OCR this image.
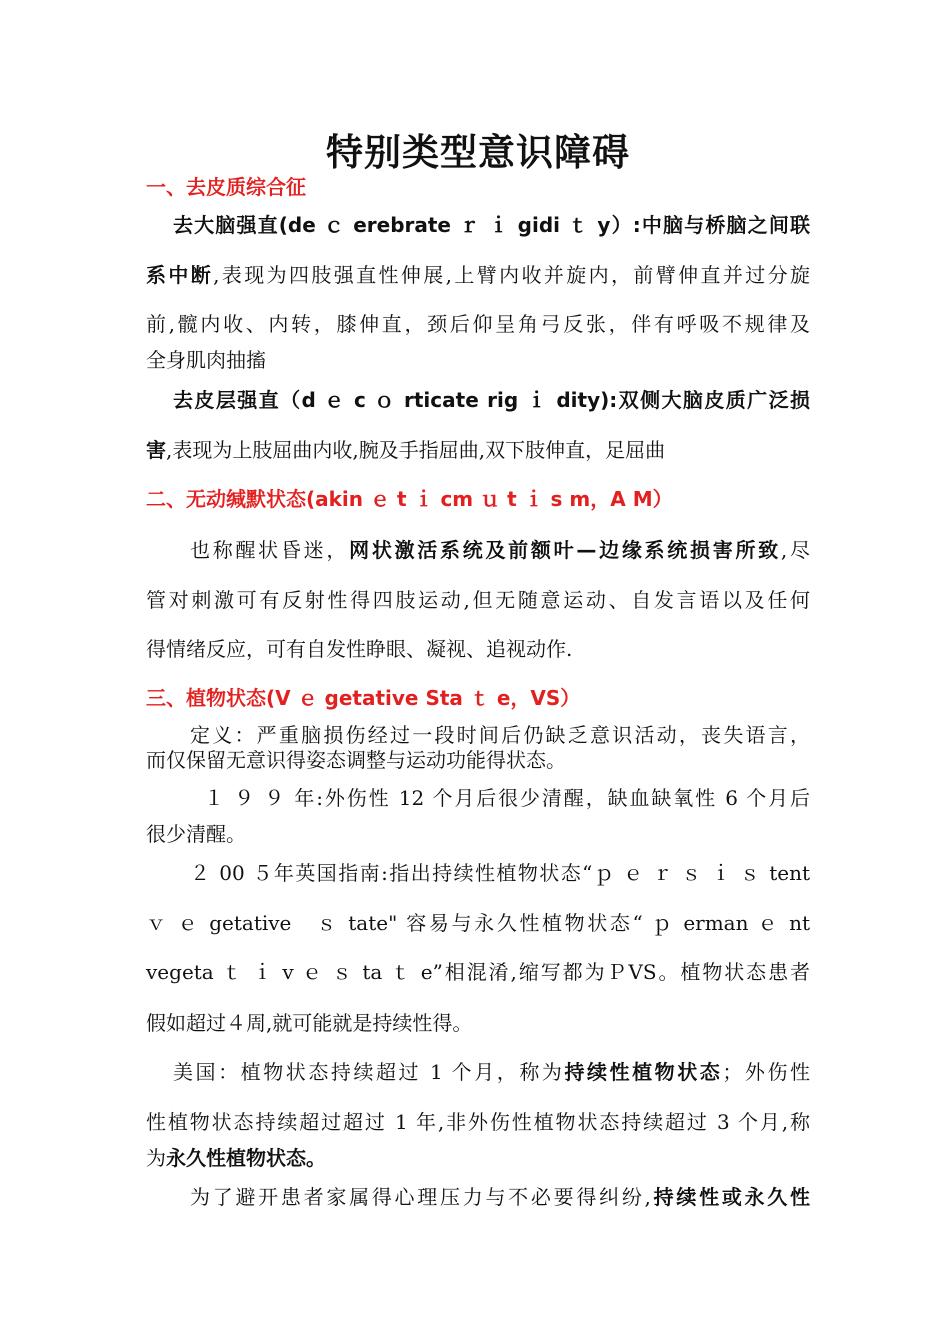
特别类型意识障碍
一、去皮质综合征
去大脑强直(de ｃ erebrate ｒ ｉ gidi ｔ y）:中脑与桥脑之间联
系中断,表现为四肢强直性伸展,上臂内收并旋内，前臂伸直并过分旋
前,髋内收、内转，膝伸直，颈后仰呈角弓反张，伴有呼吸不规律及
全身肌肉抽搐
去皮层强直（d ｅ c ｏ rticate rig ｉ dity):双侧大脑皮质广泛损
害,表现为上肢屈曲内收,腕及手指屈曲,双下肢伸直，足屈曲
二、无动缄默状态(akin ｅ t ｉ cm ｕ t ｉ s m，A M）
也称醒状昏迷，网状激活系统及前额叶—边缘系统损害所致,尽
管对刺激可有反射性得四肢运动,但无随意运动、自发言语以及任何
得情绪反应，可有自发性睁眼、凝视、追视动作.
三、植物状态(V ｅ getative Sta ｔ e，VS）
定义：严重脑损伤经过一段时间后仍缺乏意识活动，丧失语言，
而仅保留无意识得姿态调整与运动功能得状态。
１ ９ ９ 年:外伤性 12 个月后很少清醒，缺血缺氧性 6 个月后
很少清醒。
２ 00 ５年英国指南:指出持续性植物状态“ｐ ｅ ｒ ｓ ｉ ｓ tent
ｖ ｅ getative　ｓ tate" 容易与永久性植物状态“ ｐ erman ｅ nt
vegeta ｔ ｉ v ｅ ｓ ta ｔ e”相混淆,缩写都为ＰVS。植物状态患者
假如超过４周,就可能就是持续性得。
美国：植物状态持续超过 1 个月，称为持续性植物状态；外伤性
性植物状态持续超过超过 1 年,非外伤性植物状态持续超过 3 个月,称
为永久性植物状态。
为了避开患者家属得心理压力与不必要得纠纷,持续性或永久性
